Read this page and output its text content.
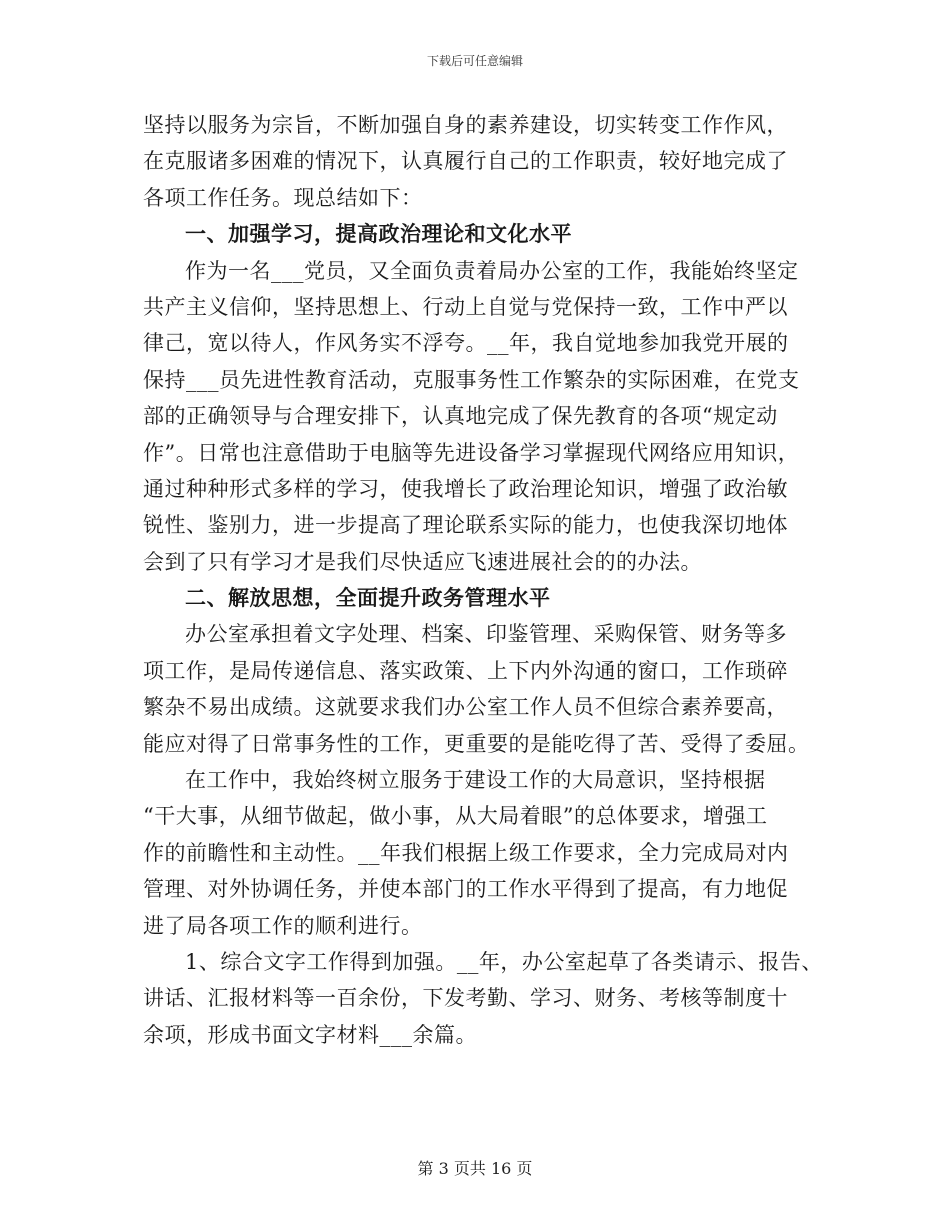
下载后可任意编辑
坚持以服务为宗旨，不断加强自身的素养建设，切实转变工作作风，
在克服诸多困难的情况下，认真履行自己的工作职责，较好地完成了
各项工作任务。现总结如下：
一、加强学习，提高政治理论和文化水平
作为一名___党员，又全面负责着局办公室的工作，我能始终坚定
共产主义信仰，坚持思想上、行动上自觉与党保持一致，工作中严以
律己，宽以待人，作风务实不浮夸。__年，我自觉地参加我党开展的
保持___员先进性教育活动，克服事务性工作繁杂的实际困难，在党支
部的正确领导与合理安排下，认真地完成了保先教育的各项“规定动
作”。日常也注意借助于电脑等先进设备学习掌握现代网络应用知识，
通过种种形式多样的学习，使我增长了政治理论知识，增强了政治敏
锐性、鉴别力，进一步提高了理论联系实际的能力，也使我深切地体
会到了只有学习才是我们尽快适应飞速进展社会的的办法。
二、解放思想，全面提升政务管理水平
办公室承担着文字处理、档案、印鉴管理、采购保管、财务等多
项工作，是局传递信息、落实政策、上下内外沟通的窗口，工作琐碎
繁杂不易出成绩。这就要求我们办公室工作人员不但综合素养要高，
能应对得了日常事务性的工作，更重要的是能吃得了苦、受得了委屈。
在工作中，我始终树立服务于建设工作的大局意识，坚持根据
“干大事，从细节做起，做小事，从大局着眼”的总体要求，增强工
作的前瞻性和主动性。__年我们根据上级工作要求，全力完成局对内
管理、对外协调任务，并使本部门的工作水平得到了提高，有力地促
进了局各项工作的顺利进行。
1、综合文字工作得到加强。__年，办公室起草了各类请示、报告、
讲话、汇报材料等一百余份，下发考勤、学习、财务、考核等制度十
余项，形成书面文字材料___余篇。
第 3 页共 16 页
